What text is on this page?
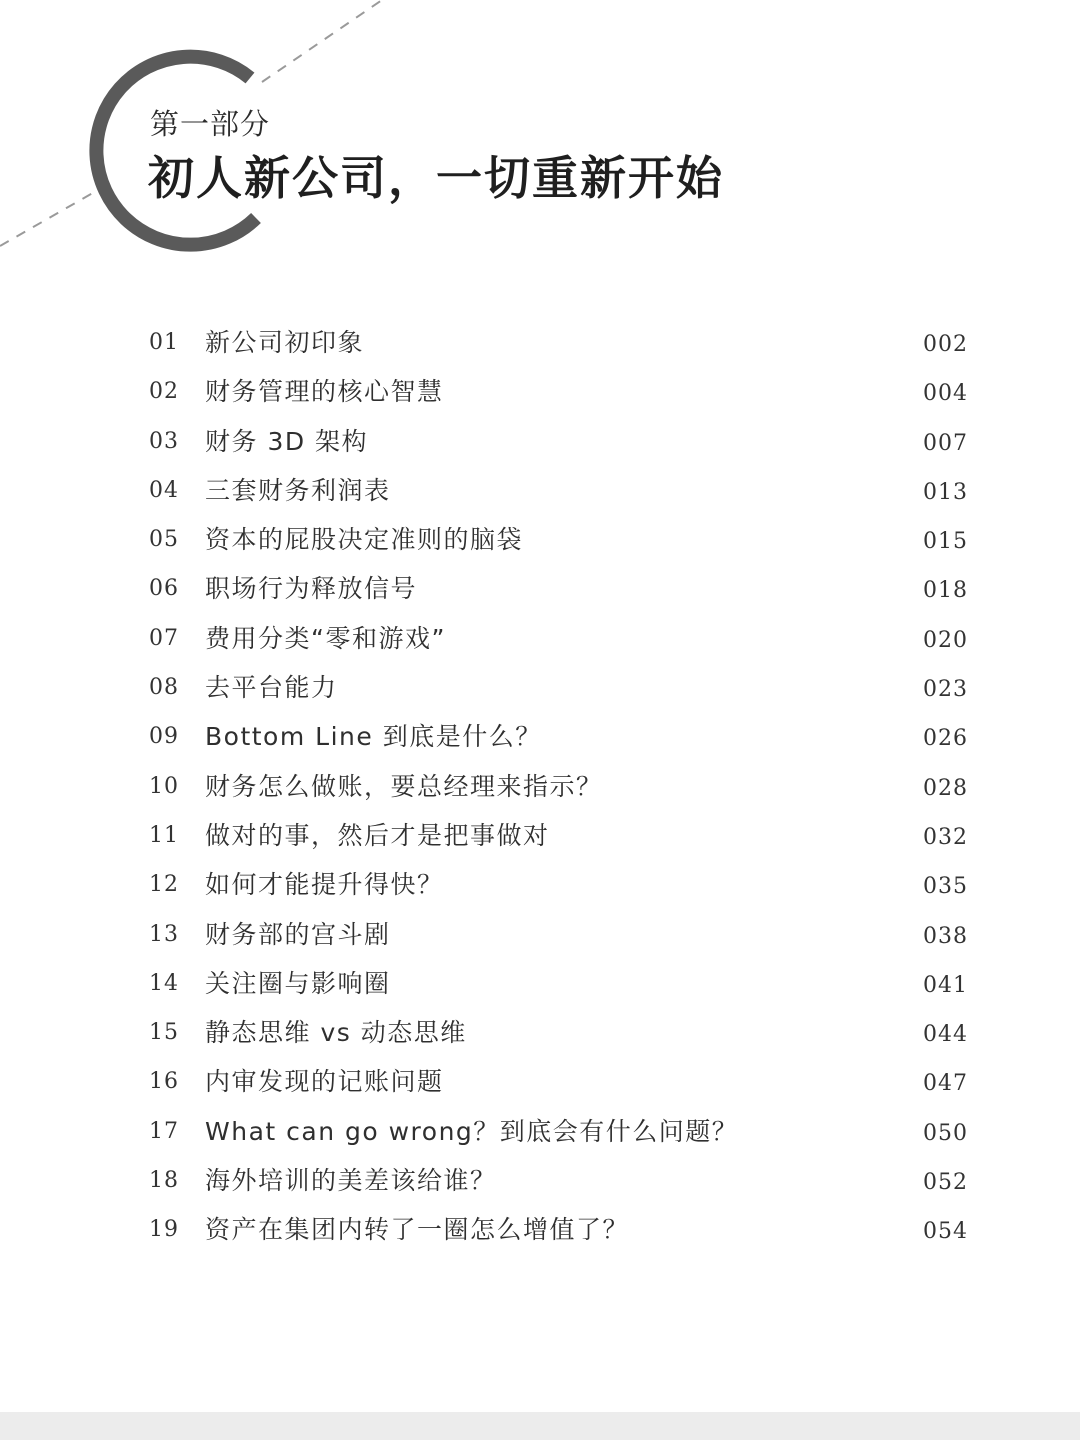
第一部分
初人新公司，一切重新开始
01 新公司初印象	002
02 财务管理的核心智慧	004
03 财务 3D 架构	007
04 三套财务利润表	013
05 资本的屁股决定准则的脑袋	015
06 职场行为释放信号	018
07 费用分类“零和游戏”	020
08 去平台能力	023
09 Bottom Line 到底是什么？	026
10 财务怎么做账，要总经理来指示？	028
11 做对的事，然后才是把事做对	032
12 如何才能提升得快？	035
13 财务部的宫斗剧	038
14 关注圈与影响圈	041
15 静态思维 vs 动态思维	044
16 内审发现的记账问题	047
17 What can go wrong？到底会有什么问题？	050
18 海外培训的美差该给谁？	052
19 资产在集团内转了一圈怎么增值了？	054
